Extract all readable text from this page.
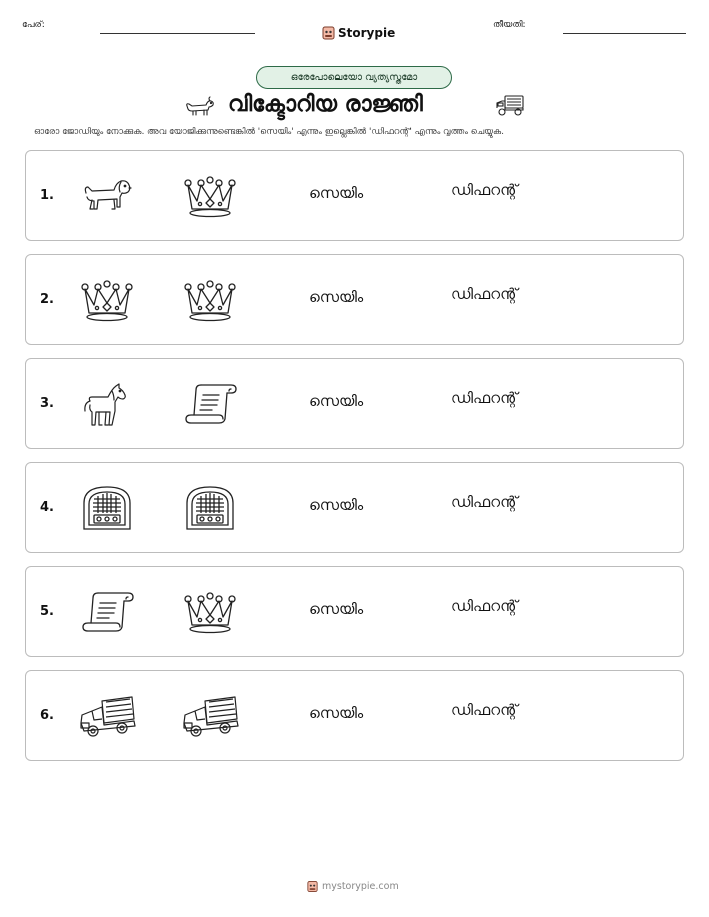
പേര്:
Storypie
തീയതി:
ഒരേപോലെയോ വ്യത്യസ്തമോ
വിക്ടോറിയ രാജ്ഞി
ഓരോ ജോഡിയും നോക്കുക. അവ യോജിക്കുന്നുണ്ടെങ്കിൽ 'സെയിം' എന്നും ഇല്ലെങ്കിൽ 'ഡിഫറന്റ്' എന്നും വൃത്തം ചെയ്യുക.
1.	സെയിം	ഡിഫറന്റ്
2.	സെയിം	ഡിഫറന്റ്
3.	സെയിം	ഡിഫറന്റ്
4.	സെയിം	ഡിഫറന്റ്
5.	സെയിം	ഡിഫറന്റ്
6.	സെയിം	ഡിഫറന്റ്
mystorypie.com
